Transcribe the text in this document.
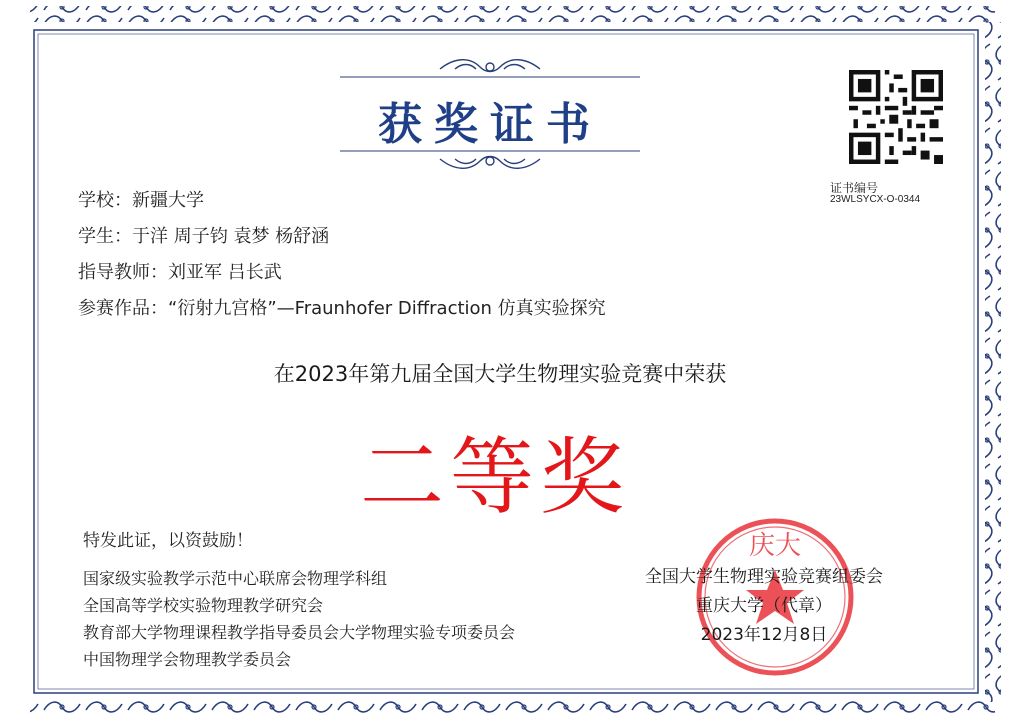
获奖证书
证书编号
23WLSYCX-O-0344
学校：新疆大学
学生：于洋 周子钧 袁梦 杨舒涵
指导教师：刘亚军 吕长武
参赛作品：“衍射九宫格”—Fraunhofer Diffraction 仿真实验探究
在2023年第九届全国大学生物理实验竞赛中荣获
二等奖
特发此证，以资鼓励！
国家级实验教学示范中心联席会物理学科组
全国高等学校实验物理教学研究会
教育部大学物理课程教学指导委员会大学物理实验专项委员会
中国物理学会物理教学委员会
庆大
全国大学生物理实验竞赛组委会
重庆大学（代章）
2023年12月8日
